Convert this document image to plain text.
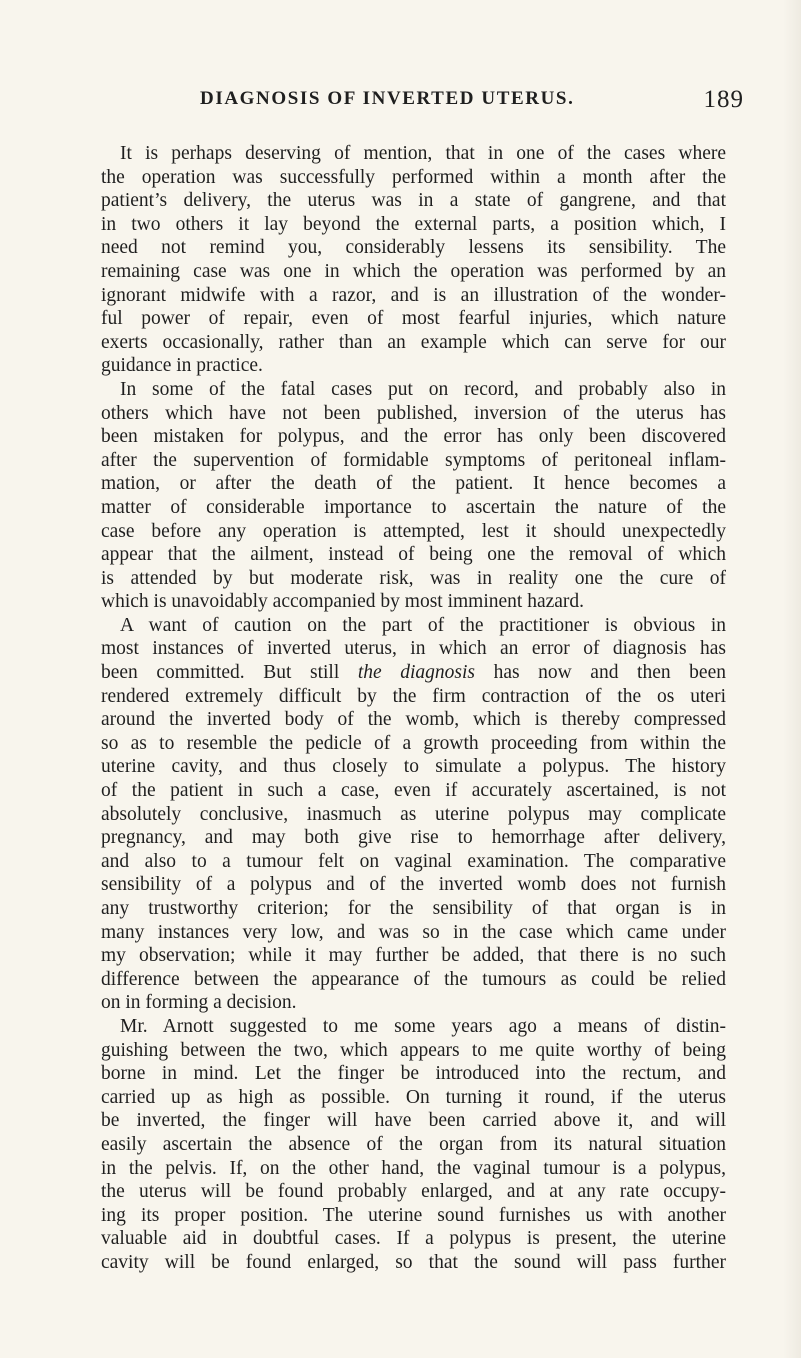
DIAGNOSIS OF INVERTED UTERUS.	189
It is perhaps deserving of mention, that in one of the cases where
the operation was successfully performed within a month after the
patient’s delivery, the uterus was in a state of gangrene, and that
in two others it lay beyond the external parts, a position which, I
need not remind you, considerably lessens its sensibility. The
remaining case was one in which the operation was performed by an
ignorant midwife with a razor, and is an illustration of the wonder-
ful power of repair, even of most fearful injuries, which nature
exerts occasionally, rather than an example which can serve for our
guidance in practice.
In some of the fatal cases put on record, and probably also in
others which have not been published, inversion of the uterus has
been mistaken for polypus, and the error has only been discovered
after the supervention of formidable symptoms of peritoneal inflam-
mation, or after the death of the patient. It hence becomes a
matter of considerable importance to ascertain the nature of the
case before any operation is attempted, lest it should unexpectedly
appear that the ailment, instead of being one the removal of which
is attended by but moderate risk, was in reality one the cure of
which is unavoidably accompanied by most imminent hazard.
A want of caution on the part of the practitioner is obvious in
most instances of inverted uterus, in which an error of diagnosis has
been committed. But still the diagnosis has now and then been
rendered extremely difficult by the firm contraction of the os uteri
around the inverted body of the womb, which is thereby compressed
so as to resemble the pedicle of a growth proceeding from within the
uterine cavity, and thus closely to simulate a polypus. The history
of the patient in such a case, even if accurately ascertained, is not
absolutely conclusive, inasmuch as uterine polypus may complicate
pregnancy, and may both give rise to hemorrhage after delivery,
and also to a tumour felt on vaginal examination. The comparative
sensibility of a polypus and of the inverted womb does not furnish
any trustworthy criterion; for the sensibility of that organ is in
many instances very low, and was so in the case which came under
my observation; while it may further be added, that there is no such
difference between the appearance of the tumours as could be relied
on in forming a decision.
Mr. Arnott suggested to me some years ago a means of distin-
guishing between the two, which appears to me quite worthy of being
borne in mind. Let the finger be introduced into the rectum, and
carried up as high as possible. On turning it round, if the uterus
be inverted, the finger will have been carried above it, and will
easily ascertain the absence of the organ from its natural situation
in the pelvis. If, on the other hand, the vaginal tumour is a polypus,
the uterus will be found probably enlarged, and at any rate occupy-
ing its proper position. The uterine sound furnishes us with another
valuable aid in doubtful cases. If a polypus is present, the uterine
cavity will be found enlarged, so that the sound will pass further
